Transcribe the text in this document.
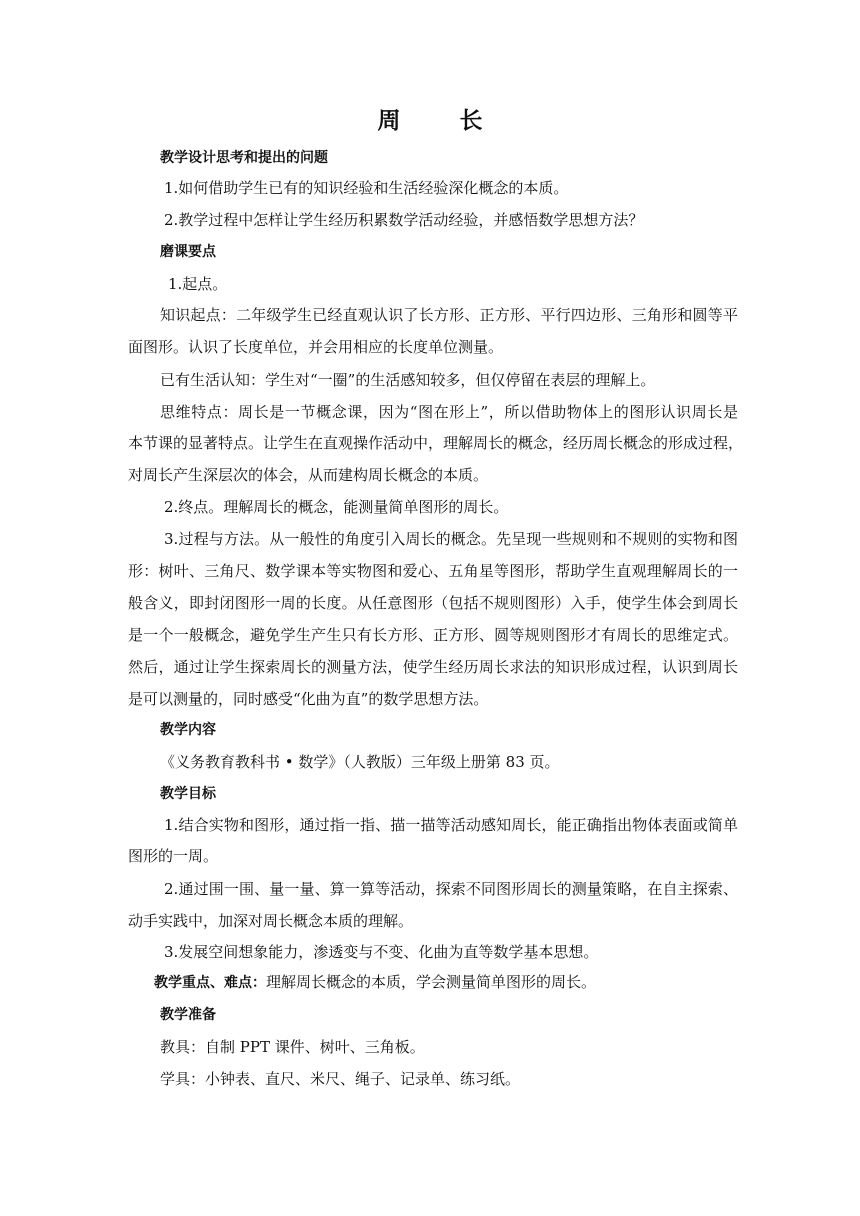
周　长
教学设计思考和提出的问题
1.如何借助学生已有的知识经验和生活经验深化概念的本质。
2.教学过程中怎样让学生经历积累数学活动经验，并感悟数学思想方法？
磨课要点
1.起点。
知识起点：二年级学生已经直观认识了长方形、正方形、平行四边形、三角形和圆等平
面图形。认识了长度单位，并会用相应的长度单位测量。
已有生活认知：学生对“一圈”的生活感知较多，但仅停留在表层的理解上。
思维特点：周长是一节概念课，因为“图在形上”，所以借助物体上的图形认识周长是
本节课的显著特点。让学生在直观操作活动中，理解周长的概念，经历周长概念的形成过程，
对周长产生深层次的体会，从而建构周长概念的本质。
2.终点。理解周长的概念，能测量简单图形的周长。
3.过程与方法。从一般性的角度引入周长的概念。先呈现一些规则和不规则的实物和图
形：树叶、三角尺、数学课本等实物图和爱心、五角星等图形，帮助学生直观理解周长的一
般含义，即封闭图形一周的长度。从任意图形（包括不规则图形）入手，使学生体会到周长
是一个一般概念，避免学生产生只有长方形、正方形、圆等规则图形才有周长的思维定式。
然后，通过让学生探索周长的测量方法，使学生经历周长求法的知识形成过程，认识到周长
是可以测量的，同时感受“化曲为直”的数学思想方法。
教学内容
《义务教育教科书 • 数学》（人教版）三年级上册第 83 页。
教学目标
1.结合实物和图形，通过指一指、描一描等活动感知周长，能正确指出物体表面或简单
图形的一周。
2.通过围一围、量一量、算一算等活动，探索不同图形周长的测量策略，在自主探索、
动手实践中，加深对周长概念本质的理解。
3.发展空间想象能力，渗透变与不变、化曲为直等数学基本思想。
教学重点、难点：理解周长概念的本质，学会测量简单图形的周长。
教学准备
教具：自制 PPT 课件、树叶、三角板。
学具：小钟表、直尺、米尺、绳子、记录单、练习纸。
